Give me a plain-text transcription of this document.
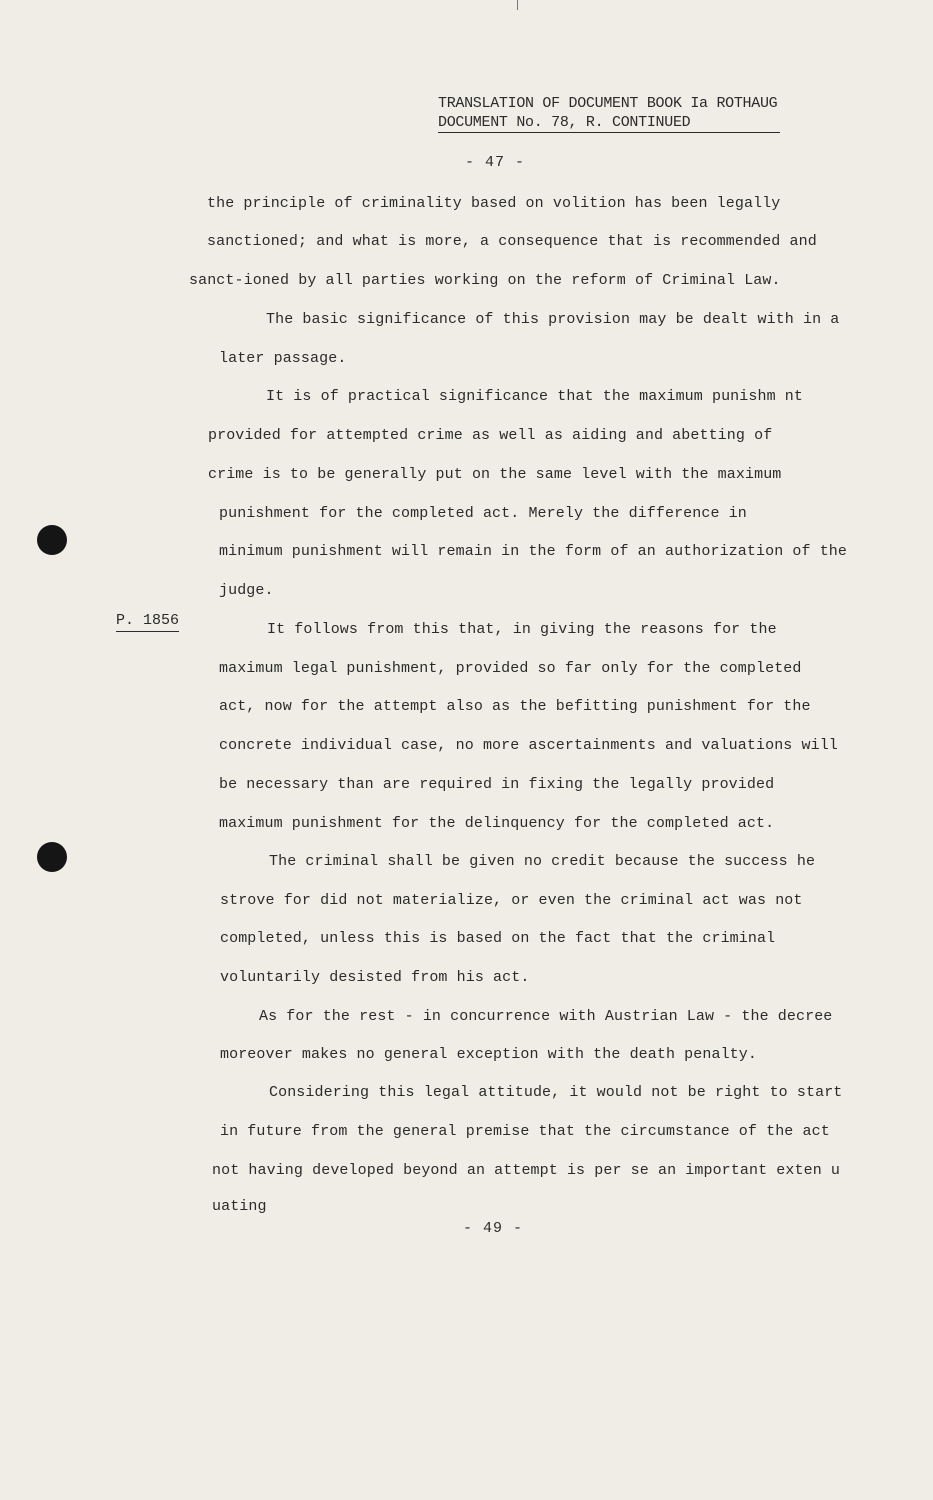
TRANSLATION OF DOCUMENT BOOK Ia ROTHAUG
DOCUMENT No. 78, R. CONTINUED
- 47 -
P. 1856
the principle of criminality based on volition has been legally
sanctioned; and what is more, a consequence that is recommended and
sanct-ioned by all parties working on the reform of Criminal Law.
The basic significance of this provision may be dealt with in a
later passage.
It is of practical significance that the maximum punishm nt
provided for attempted crime as well as aiding and abetting of
crime is to be generally put on the same level with the maximum
punishment for the completed act. Merely the difference in
minimum punishment will remain in the form of an authorization of the
judge.
It follows from this that, in giving the reasons for the
maximum legal punishment, provided so far only for the completed
act, now for the attempt also as the befitting punishment for the
concrete individual case, no more ascertainments and valuations will
be necessary than are required in fixing the legally provided
maximum punishment for the delinquency for the completed act.
The criminal shall be given no credit because the success he
strove for did not materialize, or even the criminal act was not
completed, unless this is based on the fact that the criminal
voluntarily desisted from his act.
As for the rest - in concurrence with Austrian Law - the decree
moreover makes no general exception with the death penalty.
Considering this legal attitude, it would not be right to start
in future from the general premise that the circumstance of the act
not having developed beyond an attempt is per se an important exten u
uating
- 49 -
